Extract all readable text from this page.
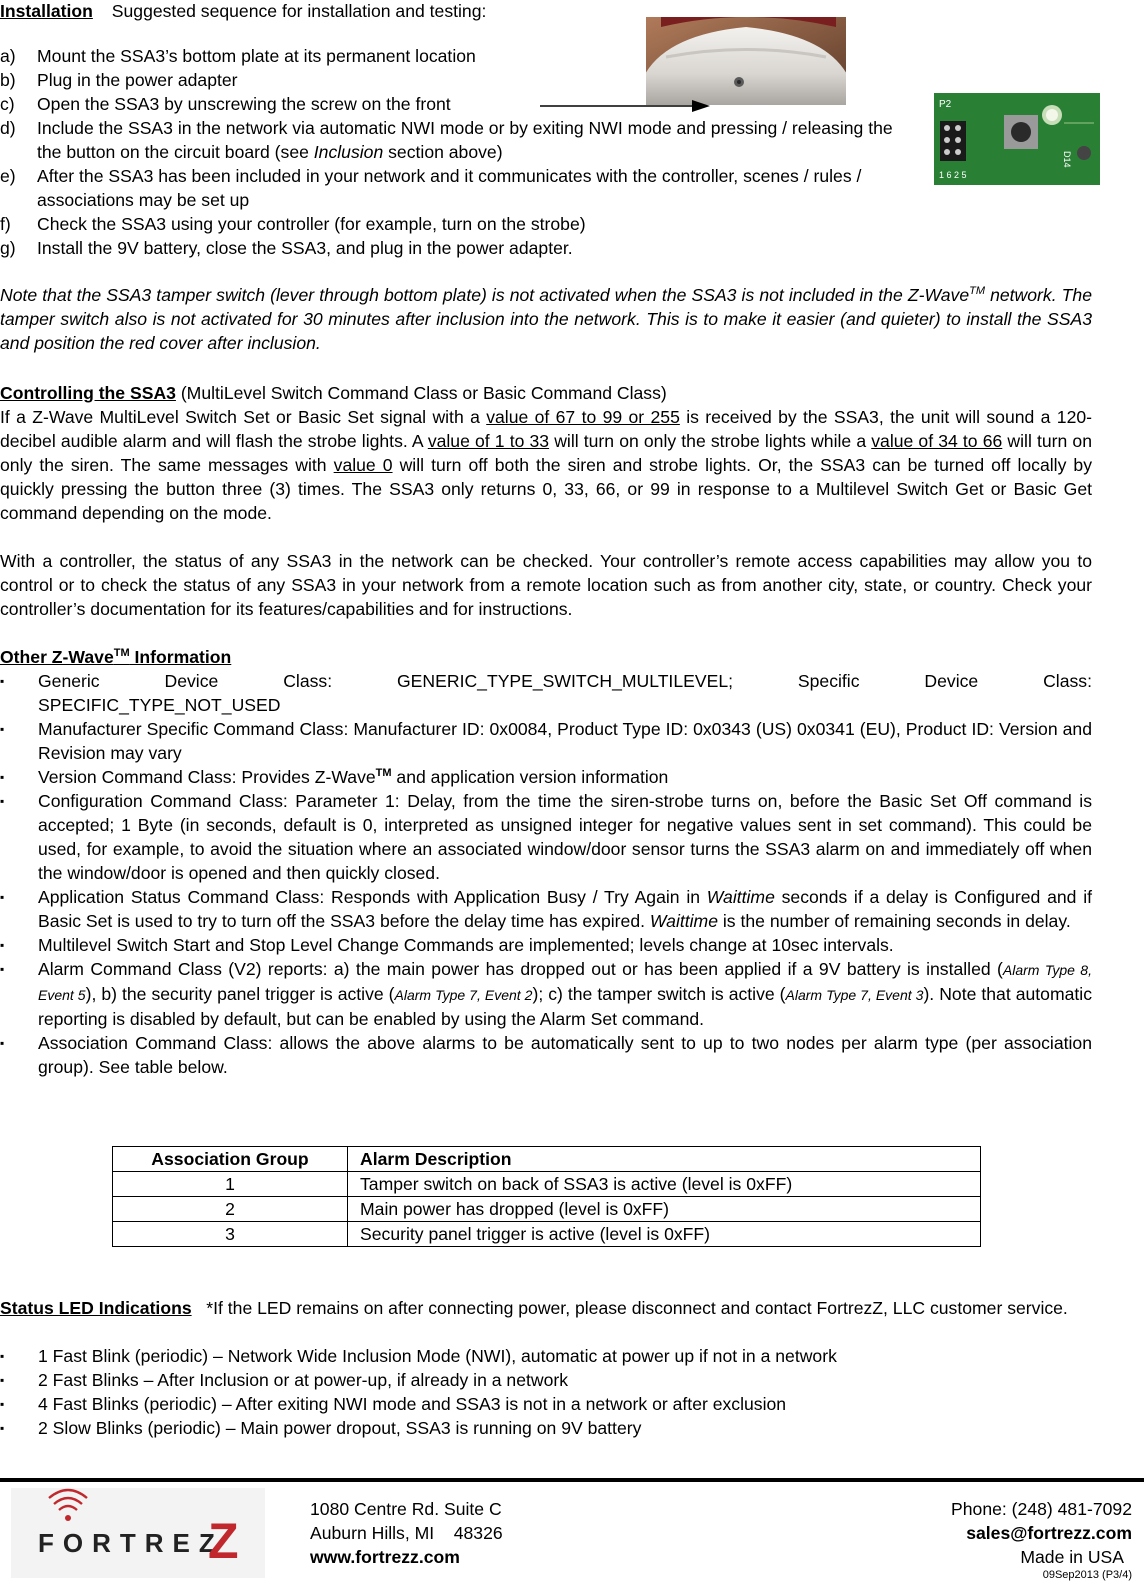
Installation Suggested sequence for installation and testing:
a) Mount the SSA3’s bottom plate at its permanent location
b) Plug in the power adapter
c) Open the SSA3 by unscrewing the screw on the front
d) Include the SSA3 in the network via automatic NWI mode or by exiting NWI mode and pressing / releasing the the button on the circuit board (see Inclusion section above)
e) After the SSA3 has been included in your network and it communicates with the controller, scenes / rules / associations may be set up
f) Check the SSA3 using your controller (for example, turn on the strobe)
g) Install the 9V battery, close the SSA3, and plug in the power adapter.
P2
D14
1 6 2 5
Note that the SSA3 tamper switch (lever through bottom plate) is not activated when the SSA3 is not included in the Z-Wave™ network. The tamper switch also is not activated for 30 minutes after inclusion into the network. This is to make it easier (and quieter) to install the SSA3 and position the red cover after inclusion.
Controlling the SSA3 (MultiLevel Switch Command Class or Basic Command Class)
If a Z-Wave MultiLevel Switch Set or Basic Set signal with a value of 67 to 99 or 255 is received by the SSA3, the unit will sound a 120-decibel audible alarm and will flash the strobe lights. A value of 1 to 33 will turn on only the strobe lights while a value of 34 to 66 will turn on only the siren. The same messages with value 0 will turn off both the siren and strobe lights. Or, the SSA3 can be turned off locally by quickly pressing the button three (3) times. The SSA3 only returns 0, 33, 66, or 99 in response to a Multilevel Switch Get or Basic Get command depending on the mode.
With a controller, the status of any SSA3 in the network can be checked. Your controller’s remote access capabilities may allow you to control or to check the status of any SSA3 in your network from a remote location such as from another city, state, or country. Check your controller’s documentation for its features/capabilities and for instructions.
Other Z-Wave™ Information
▪ Generic Device Class: GENERIC_TYPE_SWITCH_MULTILEVEL; Specific Device Class: SPECIFIC_TYPE_NOT_USED
▪ Manufacturer Specific Command Class: Manufacturer ID: 0x0084, Product Type ID: 0x0343 (US) 0x0341 (EU), Product ID: Version and Revision may vary
▪ Version Command Class: Provides Z-Wave™ and application version information
▪ Configuration Command Class: Parameter 1: Delay, from the time the siren-strobe turns on, before the Basic Set Off command is accepted; 1 Byte (in seconds, default is 0, interpreted as unsigned integer for negative values sent in set command). This could be used, for example, to avoid the situation where an associated window/door sensor turns the SSA3 alarm on and immediately off when the window/door is opened and then quickly closed.
▪ Application Status Command Class: Responds with Application Busy / Try Again in Waittime seconds if a delay is Configured and if Basic Set is used to try to turn off the SSA3 before the delay time has expired. Waittime is the number of remaining seconds in delay.
▪ Multilevel Switch Start and Stop Level Change Commands are implemented; levels change at 10sec intervals.
▪ Alarm Command Class (V2) reports: a) the main power has dropped out or has been applied if a 9V battery is installed (Alarm Type 8, Event 5), b) the security panel trigger is active (Alarm Type 7, Event 2); c) the tamper switch is active (Alarm Type 7, Event 3). Note that automatic reporting is disabled by default, but can be enabled by using the Alarm Set command.
▪ Association Command Class: allows the above alarms to be automatically sent to up to two nodes per alarm type (per association group). See table below.
Association Group	Alarm Description
1	Tamper switch on back of SSA3 is active (level is 0xFF)
2	Main power has dropped (level is 0xFF)
3	Security panel trigger is active (level is 0xFF)
Status LED Indications   *If the LED remains on after connecting power, please disconnect and contact FortrezZ, LLC customer service.
▪ 1 Fast Blink (periodic) – Network Wide Inclusion Mode (NWI), automatic at power up if not in a network
▪ 2 Fast Blinks – After Inclusion or at power-up, if already in a network
▪ 4 Fast Blinks (periodic) – After exiting NWI mode and SSA3 is not in a network or after exclusion
▪ 2 Slow Blinks (periodic) – Main power dropout, SSA3 is running on 9V battery
FORTREZ
Z
1080 Centre Rd. Suite C
Auburn Hills, MI    48326
www.fortrezz.com
Phone: (248) 481-7092
sales@fortrezz.com
Made in USA
09Sep2013 (P3/4)
